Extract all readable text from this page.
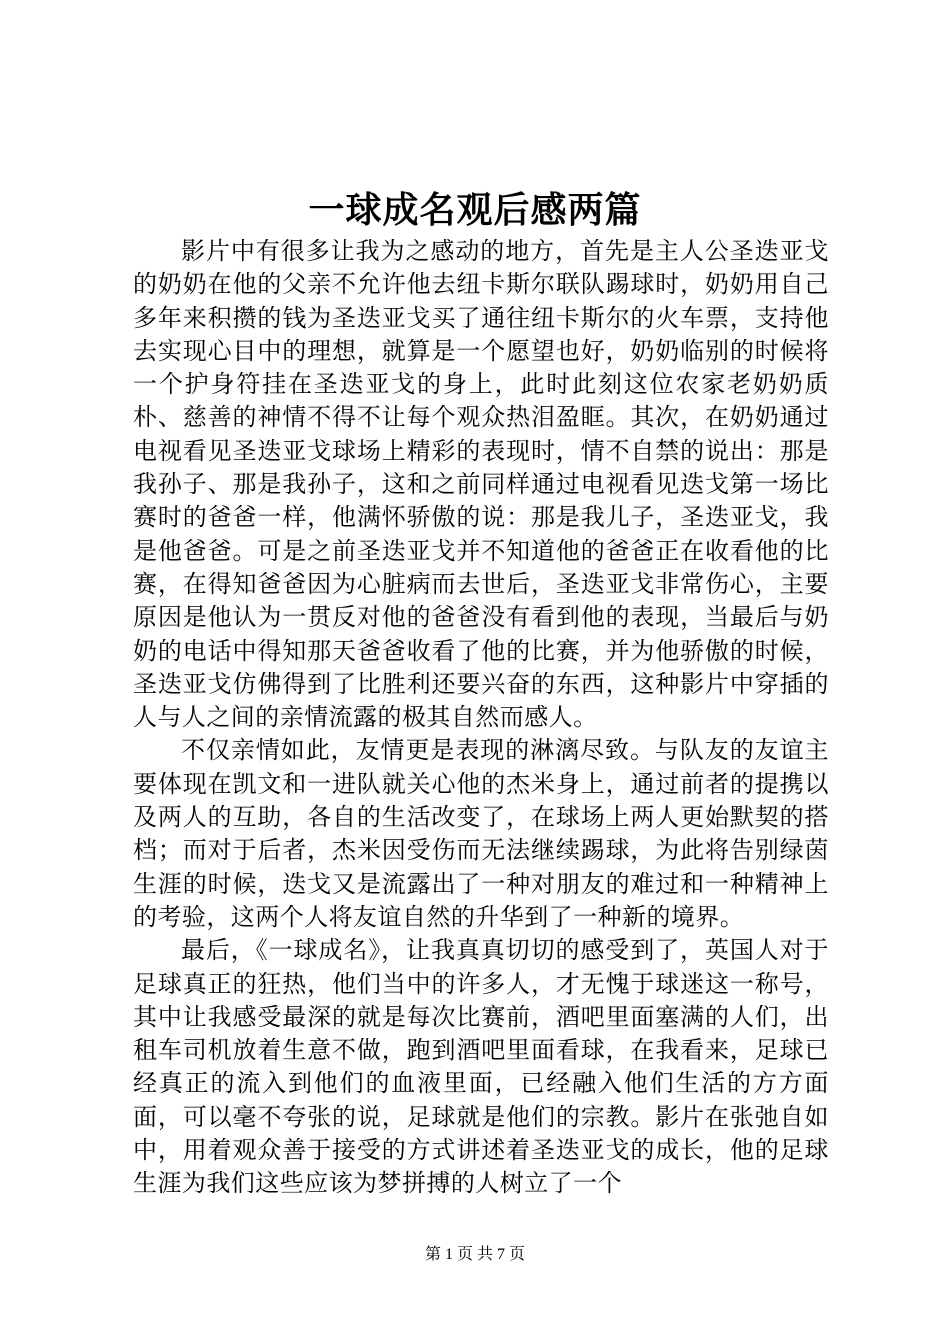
一球成名观后感两篇

影片中有很多让我为之感动的地方，首先是主人公圣迭亚戈的奶奶在他的父亲不允许他去纽卡斯尔联队踢球时，奶奶用自己多年来积攒的钱为圣迭亚戈买了通往纽卡斯尔的火车票，支持他去实现心目中的理想，就算是一个愿望也好，奶奶临别的时候将一个护身符挂在圣迭亚戈的身上，此时此刻这位农家老奶奶质朴、慈善的神情不得不让每个观众热泪盈眶。其次，在奶奶通过电视看见圣迭亚戈球场上精彩的表现时，情不自禁的说出：那是我孙子、那是我孙子，这和之前同样通过电视看见迭戈第一场比赛时的爸爸一样，他满怀骄傲的说：那是我儿子，圣迭亚戈，我是他爸爸。可是之前圣迭亚戈并不知道他的爸爸正在收看他的比赛，在得知爸爸因为心脏病而去世后，圣迭亚戈非常伤心，主要原因是他认为一贯反对他的爸爸没有看到他的表现，当最后与奶奶的电话中得知那天爸爸收看了他的比赛，并为他骄傲的时候，圣迭亚戈仿佛得到了比胜利还要兴奋的东西，这种影片中穿插的人与人之间的亲情流露的极其自然而感人。

不仅亲情如此，友情更是表现的淋漓尽致。与队友的友谊主要体现在凯文和一进队就关心他的杰米身上，通过前者的提携以及两人的互助，各自的生活改变了，在球场上两人更始默契的搭档；而对于后者，杰米因受伤而无法继续踢球，为此将告别绿茵生涯的时候，迭戈又是流露出了一种对朋友的难过和一种精神上的考验，这两个人将友谊自然的升华到了一种新的境界。

最后，《一球成名》，让我真真切切的感受到了，英国人对于足球真正的狂热，他们当中的许多人，才无愧于球迷这一称号，其中让我感受最深的就是每次比赛前，酒吧里面塞满的人们，出租车司机放着生意不做，跑到酒吧里面看球，在我看来，足球已经真正的流入到他们的血液里面，已经融入他们生活的方方面面，可以毫不夸张的说，足球就是他们的宗教。影片在张弛自如中，用着观众善于接受的方式讲述着圣迭亚戈的成长，他的足球生涯为我们这些应该为梦拼搏的人树立了一个

第 1 页 共 7 页
